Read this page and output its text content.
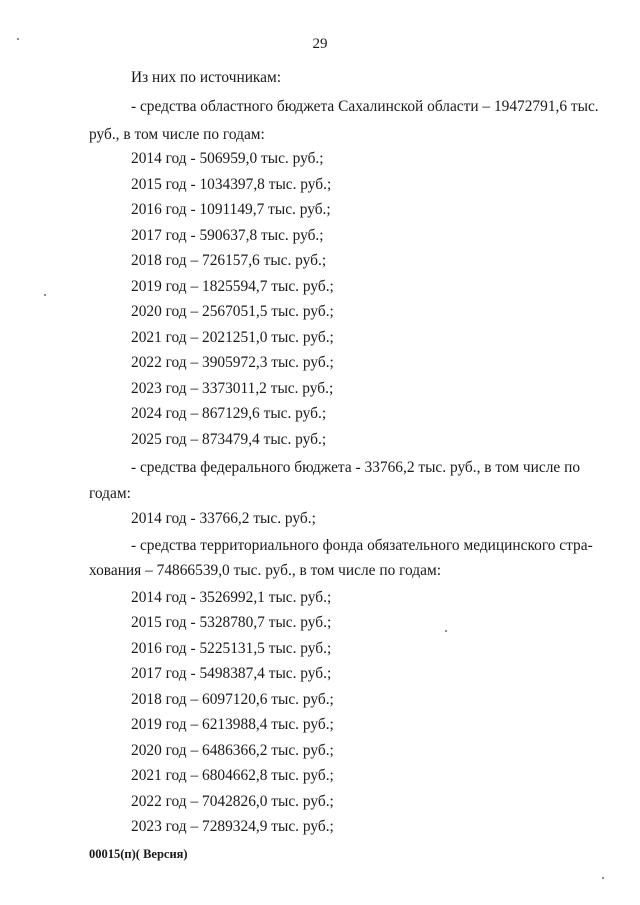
29
Из них по источникам:
- средства областного бюджета Сахалинской области – 19472791,6 тыс.
руб., в том числе по годам:
2014 год - 506959,0 тыс. руб.;
2015 год - 1034397,8 тыс. руб.;
2016 год - 1091149,7 тыс. руб.;
2017 год - 590637,8 тыс. руб.;
2018 год – 726157,6 тыс. руб.;
2019 год – 1825594,7 тыс. руб.;
2020 год – 2567051,5 тыс. руб.;
2021 год – 2021251,0 тыс. руб.;
2022 год – 3905972,3 тыс. руб.;
2023 год – 3373011,2 тыс. руб.;
2024 год – 867129,6 тыс. руб.;
2025 год – 873479,4 тыс. руб.;
- средства федерального бюджета - 33766,2 тыс. руб., в том числе по
годам:
2014 год - 33766,2 тыс. руб.;
- средства территориального фонда обязательного медицинского стра-
хования – 74866539,0 тыс. руб., в том числе по годам:
2014 год - 3526992,1 тыс. руб.;
2015 год - 5328780,7 тыс. руб.;
2016 год - 5225131,5 тыс. руб.;
2017 год - 5498387,4 тыс. руб.;
2018 год – 6097120,6 тыс. руб.;
2019 год – 6213988,4 тыс. руб.;
2020 год – 6486366,2 тыс. руб.;
2021 год – 6804662,8 тыс. руб.;
2022 год – 7042826,0 тыс. руб.;
2023 год – 7289324,9 тыс. руб.;
00015(п)( Версия)
